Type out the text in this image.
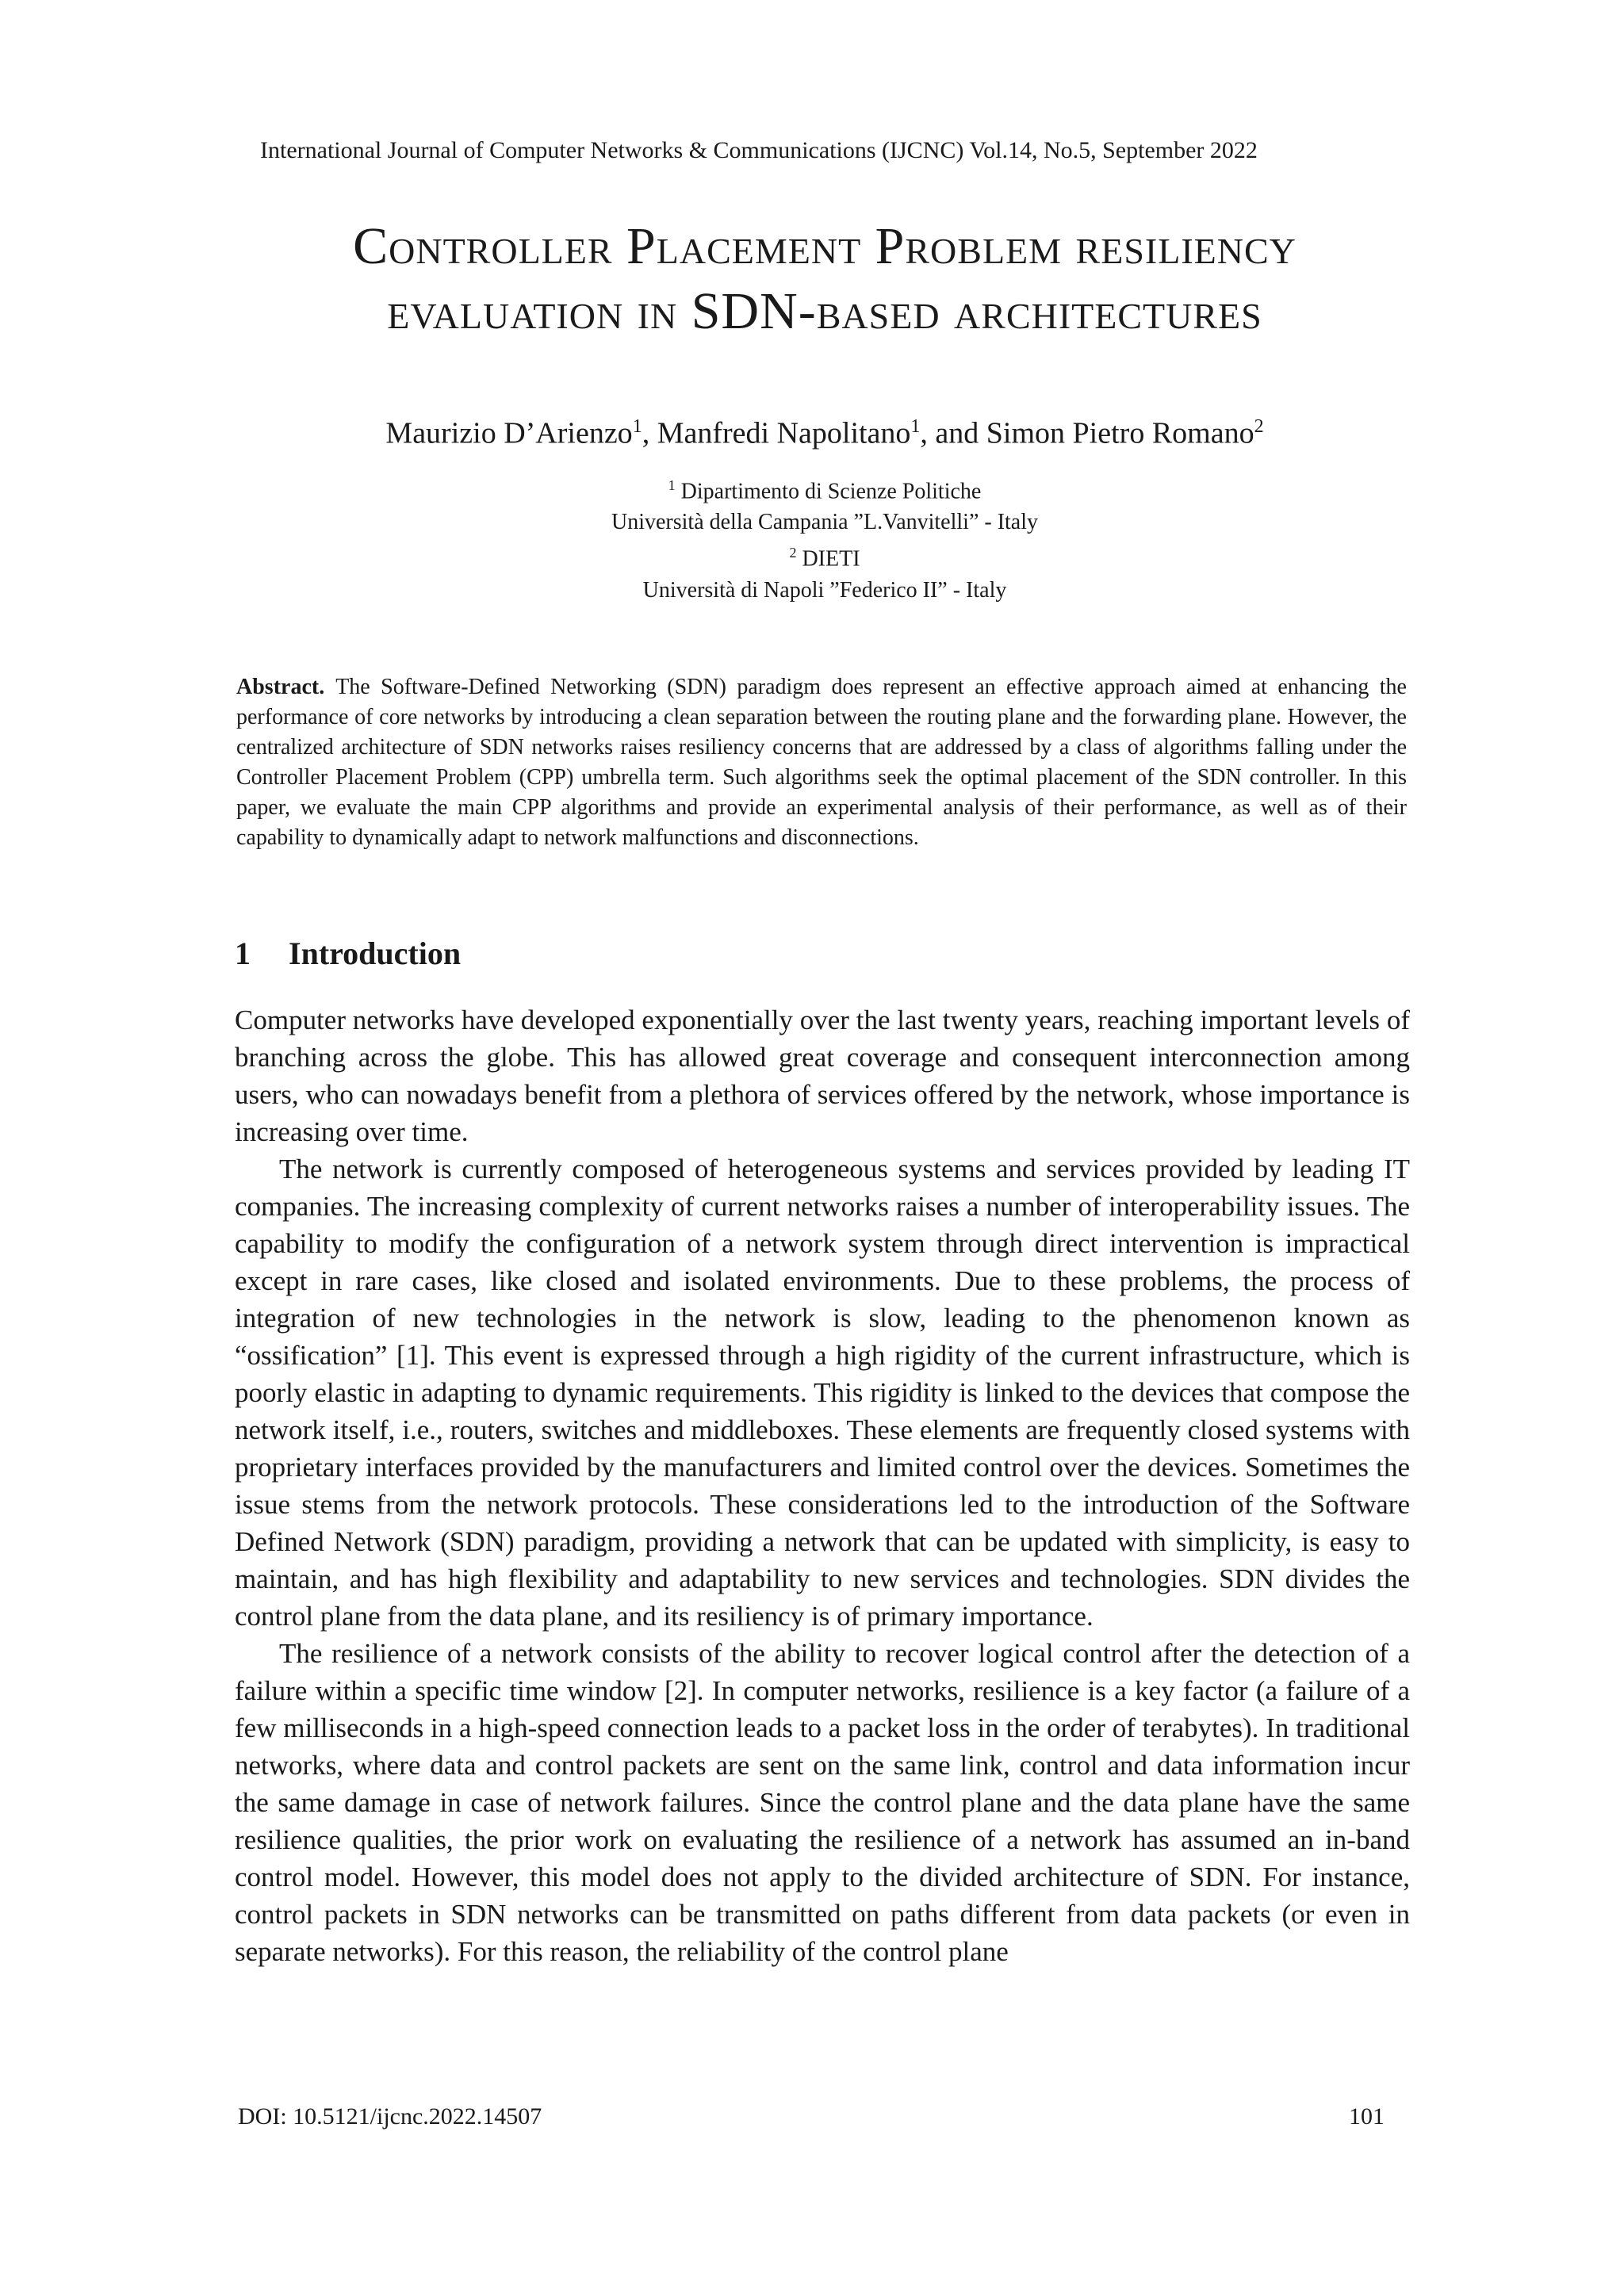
International Journal of Computer Networks & Communications (IJCNC) Vol.14, No.5, September 2022
Controller Placement Problem resiliency
evaluation in SDN-based architectures
Maurizio D’Arienzo$^1$, Manfredi Napolitano$^1$, and Simon Pietro Romano$^2$
$^1$ Dipartimento di Scienze Politiche
Università della Campania ”L.Vanvitelli” - Italy
$^2$ DIETI
Università di Napoli ”Federico II” - Italy
Abstract. The Software-Defined Networking (SDN) paradigm does represent an effective approach aimed at enhancing the performance of core networks by introducing a clean separation between the routing plane and the forwarding plane. However, the centralized architecture of SDN networks raises resiliency concerns that are addressed by a class of algorithms falling under the Controller Placement Problem (CPP) umbrella term. Such algorithms seek the optimal placement of the SDN controller. In this paper, we evaluate the main CPP algorithms and provide an experimental analysis of their performance, as well as of their capability to dynamically adapt to network malfunctions and disconnections.
1 Introduction

Computer networks have developed exponentially over the last twenty years, reaching important levels of branching across the globe. This has allowed great coverage and consequent interconnection among users, who can nowadays benefit from a plethora of services offered by the network, whose importance is increasing over time.

The network is currently composed of heterogeneous systems and services provided by leading IT companies. The increasing complexity of current networks raises a number of interoperability issues. The capability to modify the configuration of a network system through direct intervention is impractical except in rare cases, like closed and isolated environments. Due to these problems, the process of integration of new technologies in the network is slow, leading to the phenomenon known as “ossification” [1]. This event is expressed through a high rigidity of the current infrastructure, which is poorly elastic in adapting to dynamic requirements. This rigidity is linked to the devices that compose the network itself, i.e., routers, switches and middleboxes. These elements are frequently closed systems with proprietary interfaces provided by the manufacturers and limited control over the devices. Sometimes the issue stems from the network protocols. These considerations led to the introduction of the Software Defined Network (SDN) paradigm, providing a network that can be updated with simplicity, is easy to maintain, and has high flexibility and adaptability to new services and technologies. SDN divides the control plane from the data plane, and its resiliency is of primary importance.

The resilience of a network consists of the ability to recover logical control after the detection of a failure within a specific time window [2]. In computer networks, resilience is a key factor (a failure of a few milliseconds in a high-speed connection leads to a packet loss in the order of terabytes). In traditional networks, where data and control packets are sent on the same link, control and data information incur the same damage in case of network failures. Since the control plane and the data plane have the same resilience qualities, the prior work on evaluating the resilience of a network has assumed an in-band control model. However, this model does not apply to the divided architecture of SDN. For instance, control packets in SDN networks can be transmitted on paths different from data packets (or even in separate networks). For this reason, the reliability of the control plane

DOI: 10.5121/ijcnc.2022.14507	101
